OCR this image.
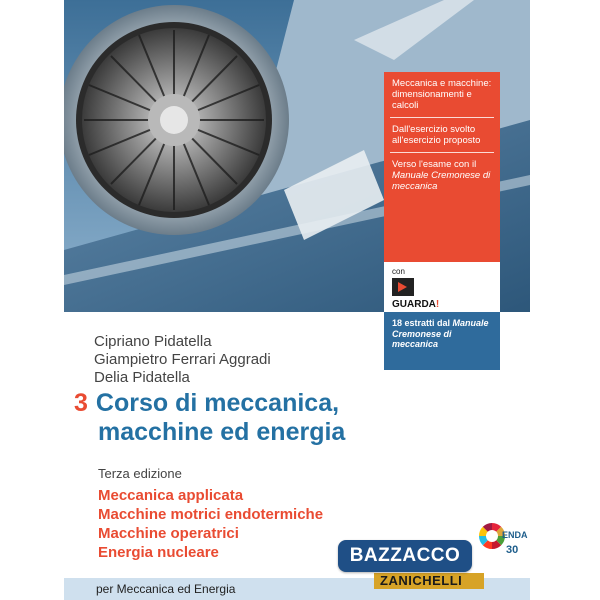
Meccanica e macchine: dimensionamenti e calcoli
Dall'esercizio svolto all'esercizio proposto
Verso l'esame con il Manuale Cremonese di meccanica
con
GUARDA!
18 estratti dal Manuale Cremonese di meccanica
Cipriano Pidatella
Giampietro Ferrari Aggradi
Delia Pidatella
3 Corso di meccanica,
macchine ed energia
Terza edizione
Meccanica applicata
Macchine motrici endotermiche
Macchine operatrici
Energia nucleare
per Meccanica ed Energia
ZANICHELLI
ENDA
30
BAZZACCO
